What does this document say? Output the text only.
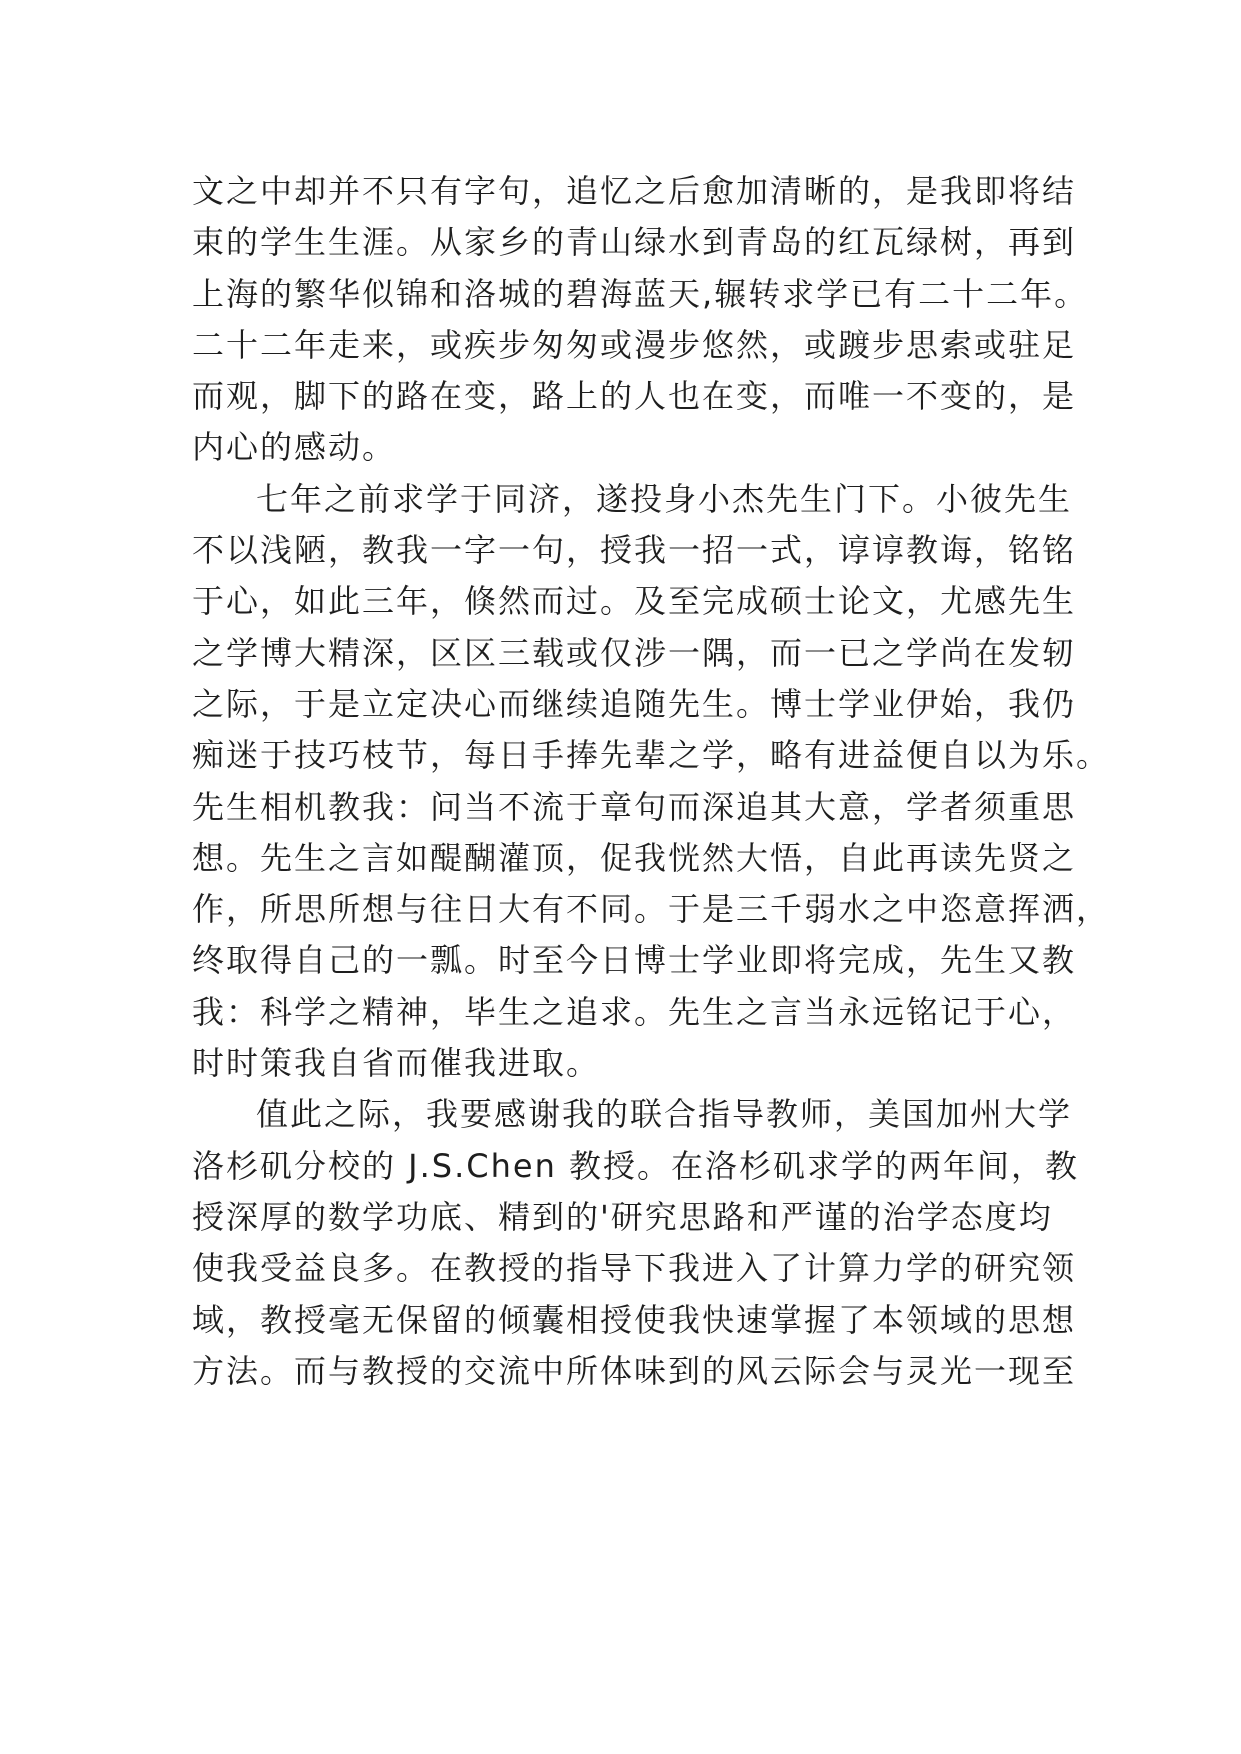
文之中却并不只有字句，追忆之后愈加清晰的，是我即将结
束的学生生涯。从家乡的青山绿水到青岛的红瓦绿树，再到
上海的繁华似锦和洛城的碧海蓝天,辗转求学已有二十二年。
二十二年走来，或疾步匆匆或漫步悠然，或踱步思索或驻足
而观，脚下的路在变，路上的人也在变，而唯一不变的，是
内心的感动。
七年之前求学于同济，遂投身小杰先生门下。小彼先生
不以浅陋，教我一字一句，授我一招一式，谆谆教诲，铭铭
于心，如此三年，倏然而过。及至完成硕士论文，尤感先生
之学博大精深，区区三载或仅涉一隅，而一已之学尚在发轫
之际，于是立定决心而继续追随先生。博士学业伊始，我仍
痴迷于技巧枝节，每日手捧先辈之学，略有进益便自以为乐。
先生相机教我：问当不流于章句而深追其大意，学者须重思
想。先生之言如醍醐灌顶，促我恍然大悟，自此再读先贤之
作，所思所想与往日大有不同。于是三千弱水之中恣意挥洒，
终取得自己的一瓢。时至今日博士学业即将完成，先生又教
我：科学之精神，毕生之追求。先生之言当永远铭记于心，
时时策我自省而催我进取。
值此之际，我要感谢我的联合指导教师，美国加州大学
洛杉矶分校的 J.S.Chen 教授。在洛杉矶求学的两年间，教
授深厚的数学功底、精到的'研究思路和严谨的治学态度均
使我受益良多。在教授的指导下我进入了计算力学的研究领
域，教授毫无保留的倾囊相授使我快速掌握了本领域的思想
方法。而与教授的交流中所体味到的风云际会与灵光一现至
